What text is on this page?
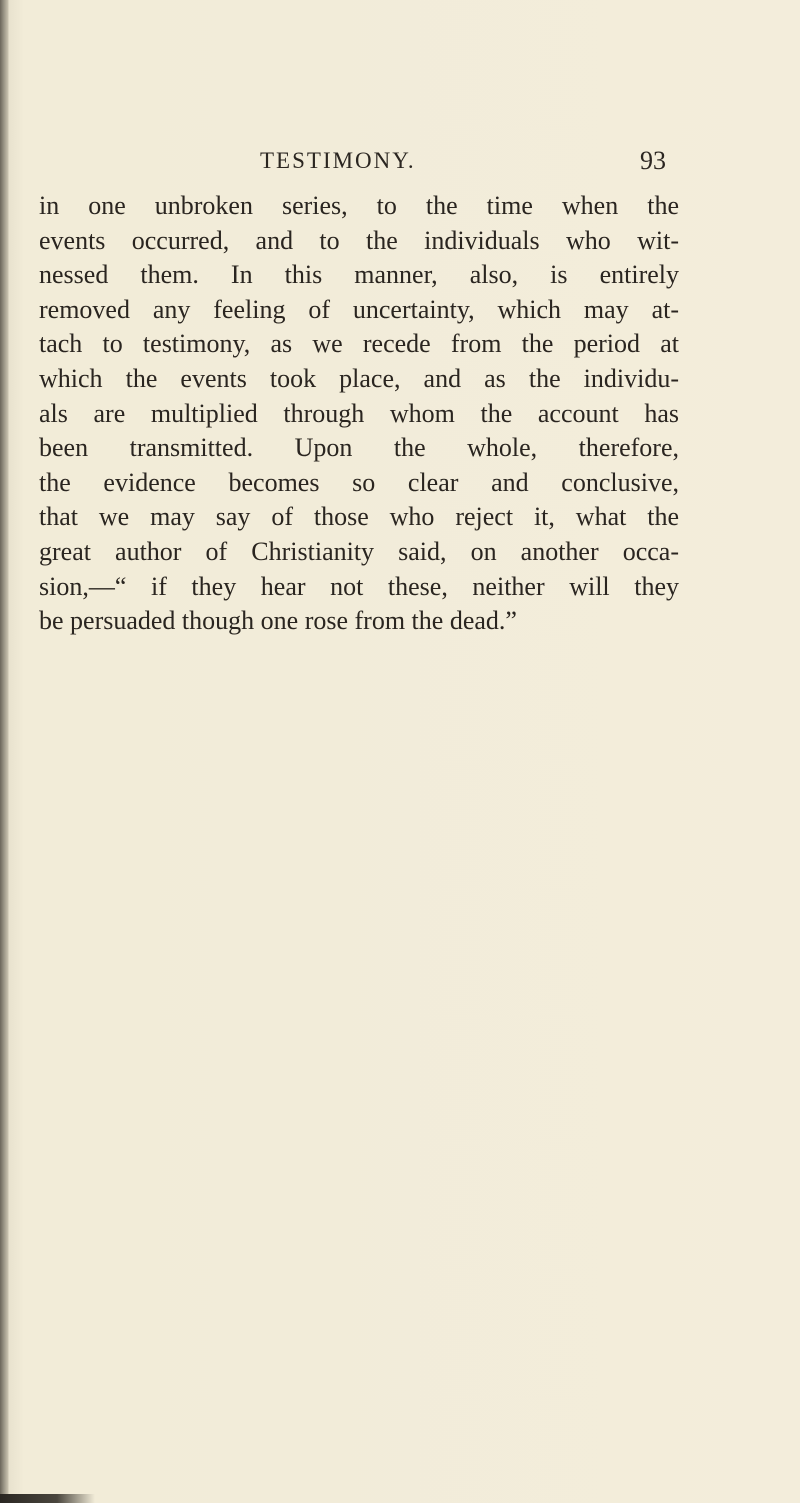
TESTIMONY.	93
in one unbroken series, to the time when the
events occurred, and to the individuals who wit-
nessed them. In this manner, also, is entirely
removed any feeling of uncertainty, which may at-
tach to testimony, as we recede from the period at
which the events took place, and as the individu-
als are multiplied through whom the account has
been transmitted. Upon the whole, therefore,
the evidence becomes so clear and conclusive,
that we may say of those who reject it, what the
great author of Christianity said, on another occa-
sion,—“ if they hear not these, neither will they
be persuaded though one rose from the dead.”
